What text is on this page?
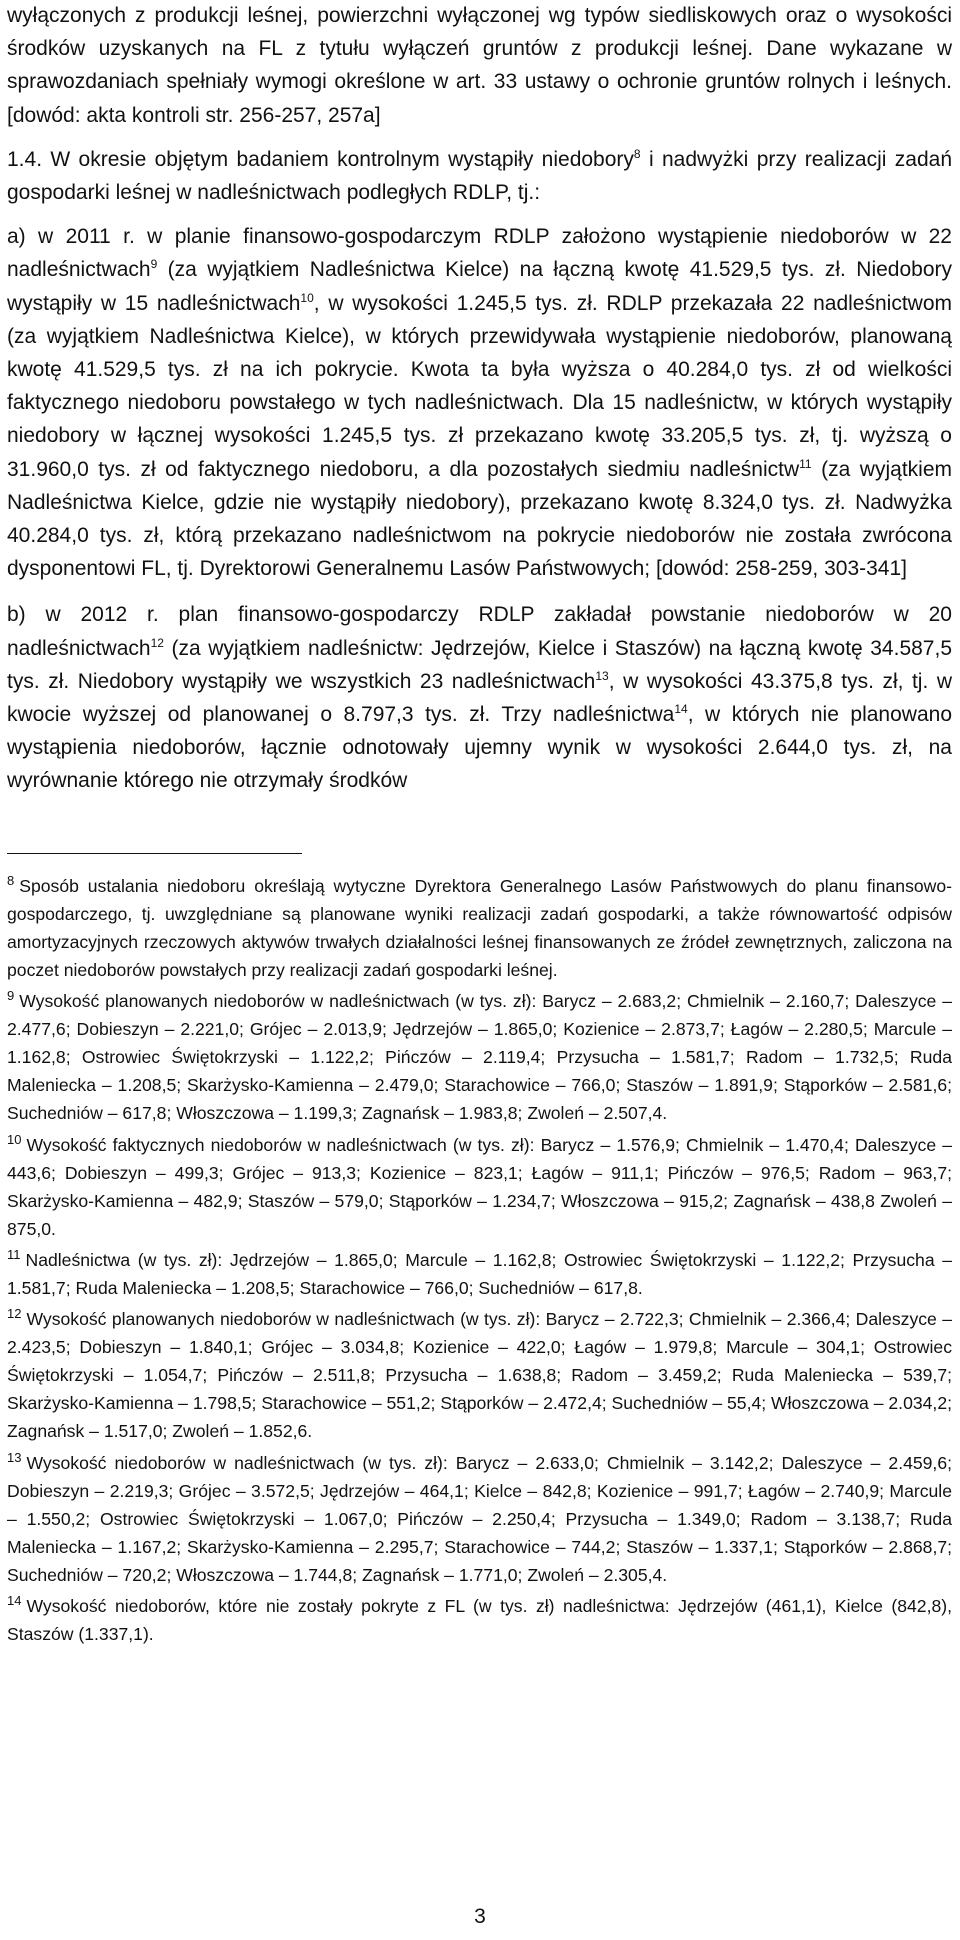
wyłączonych z produkcji leśnej, powierzchni wyłączonej wg typów siedliskowych oraz o wysokości środków uzyskanych na FL z tytułu wyłączeń gruntów z produkcji leśnej. Dane wykazane w sprawozdaniach spełniały wymogi określone w art. 33 ustawy o ochronie gruntów rolnych i leśnych. [dowód: akta kontroli str. 256-257, 257a]

1.4. W okresie objętym badaniem kontrolnym wystąpiły niedobory$^8$ i nadwyżki przy realizacji zadań gospodarki leśnej w nadleśnictwach podległych RDLP, tj.:

a) w 2011 r. w planie finansowo-gospodarczym RDLP założono wystąpienie niedoborów w 22 nadleśnictwach$^9$ (za wyjątkiem Nadleśnictwa Kielce) na łączną kwotę 41.529,5 tys. zł. Niedobory wystąpiły w 15 nadleśnictwach$^{10}$, w wysokości 1.245,5 tys. zł. RDLP przekazała 22 nadleśnictwom (za wyjątkiem Nadleśnictwa Kielce), w których przewidywała wystąpienie niedoborów, planowaną kwotę 41.529,5 tys. zł na ich pokrycie. Kwota ta była wyższa o 40.284,0 tys. zł od wielkości faktycznego niedoboru powstałego w tych nadleśnictwach. Dla 15 nadleśnictw, w których wystąpiły niedobory w łącznej wysokości 1.245,5 tys. zł przekazano kwotę 33.205,5 tys. zł, tj. wyższą o 31.960,0 tys. zł od faktycznego niedoboru, a dla pozostałych siedmiu nadleśnictw$^{11}$ (za wyjątkiem Nadleśnictwa Kielce, gdzie nie wystąpiły niedobory), przekazano kwotę 8.324,0 tys. zł. Nadwyżka 40.284,0 tys. zł, którą przekazano nadleśnictwom na pokrycie niedoborów nie została zwrócona dysponentowi FL, tj. Dyrektorowi Generalnemu Lasów Państwowych; [dowód: 258-259, 303-341]

b) w 2012 r. plan finansowo-gospodarczy RDLP zakładał powstanie niedoborów w 20 nadleśnictwach$^{12}$ (za wyjątkiem nadleśnictw: Jędrzejów, Kielce i Staszów) na łączną kwotę 34.587,5 tys. zł. Niedobory wystąpiły we wszystkich 23 nadleśnictwach$^{13}$, w wysokości 43.375,8 tys. zł, tj. w kwocie wyższej od planowanej o 8.797,3 tys. zł. Trzy nadleśnictwa$^{14}$, w których nie planowano wystąpienia niedoborów, łącznie odnotowały ujemny wynik w wysokości 2.644,0 tys. zł, na wyrównanie którego nie otrzymały środków

$^8$ Sposób ustalania niedoboru określają wytyczne Dyrektora Generalnego Lasów Państwowych do planu finansowo-gospodarczego, tj. uwzględniane są planowane wyniki realizacji zadań gospodarki, a także równowartość odpisów amortyzacyjnych rzeczowych aktywów trwałych działalności leśnej finansowanych ze źródeł zewnętrznych, zaliczona na poczet niedoborów powstałych przy realizacji zadań gospodarki leśnej.

$^9$ Wysokość planowanych niedoborów w nadleśnictwach (w tys. zł): Barycz – 2.683,2; Chmielnik – 2.160,7; Daleszyce – 2.477,6; Dobieszyn – 2.221,0; Grójec – 2.013,9; Jędrzejów – 1.865,0; Kozienice – 2.873,7; Łagów – 2.280,5; Marcule – 1.162,8; Ostrowiec Świętokrzyski – 1.122,2; Pińczów – 2.119,4; Przysucha – 1.581,7; Radom – 1.732,5; Ruda Maleniecka – 1.208,5; Skarżysko-Kamienna – 2.479,0; Starachowice – 766,0; Staszów – 1.891,9; Stąporków – 2.581,6; Suchedniów – 617,8; Włoszczowa – 1.199,3; Zagnańsk – 1.983,8; Zwoleń – 2.507,4.

$^{10}$ Wysokość faktycznych niedoborów w nadleśnictwach (w tys. zł): Barycz – 1.576,9; Chmielnik – 1.470,4; Daleszyce – 443,6; Dobieszyn – 499,3; Grójec – 913,3; Kozienice – 823,1; Łagów – 911,1; Pińczów – 976,5; Radom – 963,7; Skarżysko-Kamienna – 482,9; Staszów – 579,0; Stąporków – 1.234,7; Włoszczowa – 915,2; Zagnańsk – 438,8 Zwoleń – 875,0.

$^{11}$ Nadleśnictwa (w tys. zł): Jędrzejów – 1.865,0; Marcule – 1.162,8; Ostrowiec Świętokrzyski – 1.122,2; Przysucha – 1.581,7; Ruda Maleniecka – 1.208,5; Starachowice – 766,0; Suchedniów – 617,8.

$^{12}$ Wysokość planowanych niedoborów w nadleśnictwach (w tys. zł): Barycz – 2.722,3; Chmielnik – 2.366,4; Daleszyce – 2.423,5; Dobieszyn – 1.840,1; Grójec – 3.034,8; Kozienice – 422,0; Łagów – 1.979,8; Marcule – 304,1; Ostrowiec Świętokrzyski – 1.054,7; Pińczów – 2.511,8; Przysucha – 1.638,8; Radom – 3.459,2; Ruda Maleniecka – 539,7; Skarżysko-Kamienna – 1.798,5; Starachowice – 551,2; Stąporków – 2.472,4; Suchedniów – 55,4; Włoszczowa – 2.034,2; Zagnańsk – 1.517,0; Zwoleń – 1.852,6.

$^{13}$ Wysokość niedoborów w nadleśnictwach (w tys. zł): Barycz – 2.633,0; Chmielnik – 3.142,2; Daleszyce – 2.459,6; Dobieszyn – 2.219,3; Grójec – 3.572,5; Jędrzejów – 464,1; Kielce – 842,8; Kozienice – 991,7; Łagów – 2.740,9; Marcule – 1.550,2; Ostrowiec Świętokrzyski – 1.067,0; Pińczów – 2.250,4; Przysucha – 1.349,0; Radom – 3.138,7; Ruda Maleniecka – 1.167,2; Skarżysko-Kamienna – 2.295,7; Starachowice – 744,2; Staszów – 1.337,1; Stąporków – 2.868,7; Suchedniów – 720,2; Włoszczowa – 1.744,8; Zagnańsk – 1.771,0; Zwoleń – 2.305,4.

$^{14}$ Wysokość niedoborów, które nie zostały pokryte z FL (w tys. zł) nadleśnictwa: Jędrzejów (461,1), Kielce (842,8), Staszów (1.337,1).

3
